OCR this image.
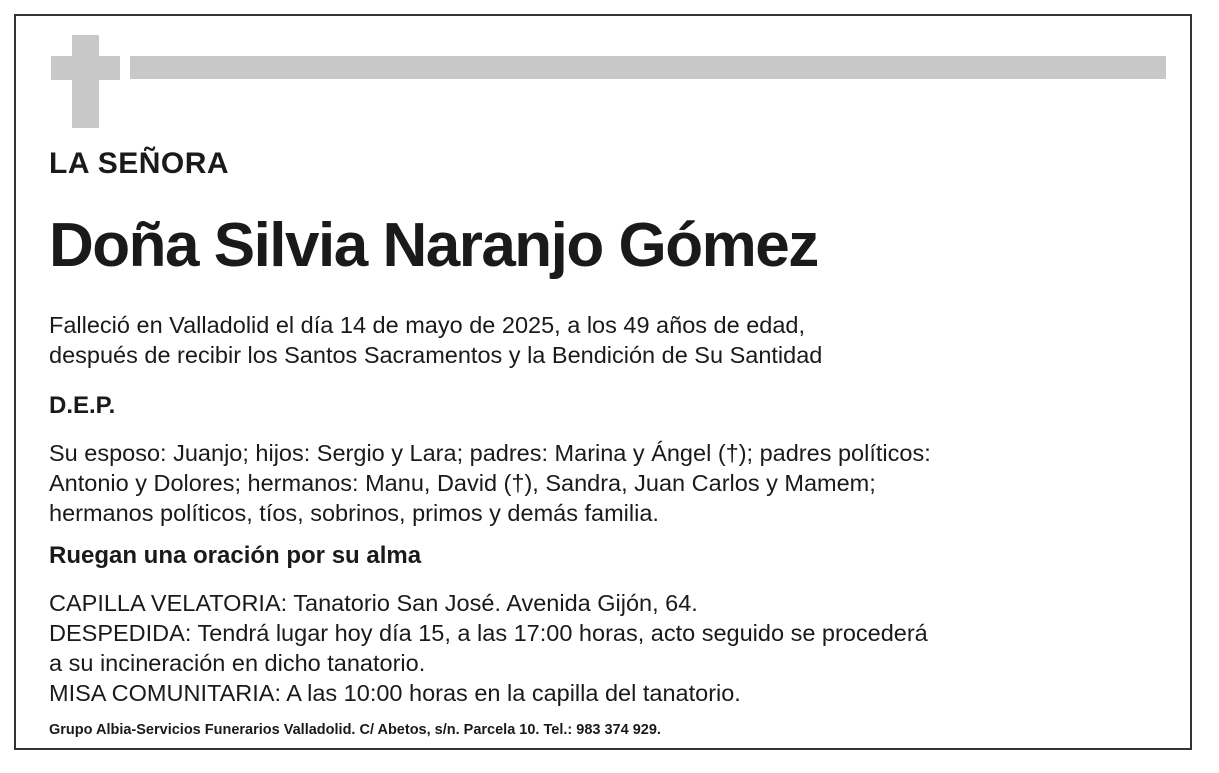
LA SEÑORA
Doña Silvia Naranjo Gómez
Falleció en Valladolid el día 14 de mayo de 2025, a los 49 años de edad,
después de recibir los Santos Sacramentos y la Bendición de Su Santidad
D.E.P.
Su esposo: Juanjo; hijos: Sergio y Lara; padres: Marina y Ángel (†); padres políticos:
Antonio y Dolores; hermanos: Manu, David (†), Sandra, Juan Carlos y Mamem;
hermanos políticos, tíos, sobrinos, primos y demás familia.
Ruegan una oración por su alma
CAPILLA VELATORIA: Tanatorio San José. Avenida Gijón, 64.
DESPEDIDA: Tendrá lugar hoy día 15, a las 17:00 horas, acto seguido se procederá
a su incineración en dicho tanatorio.
MISA COMUNITARIA: A las 10:00 horas en la capilla del tanatorio.
Grupo Albia-Servicios Funerarios Valladolid. C/ Abetos, s/n. Parcela 10. Tel.: 983 374 929.
